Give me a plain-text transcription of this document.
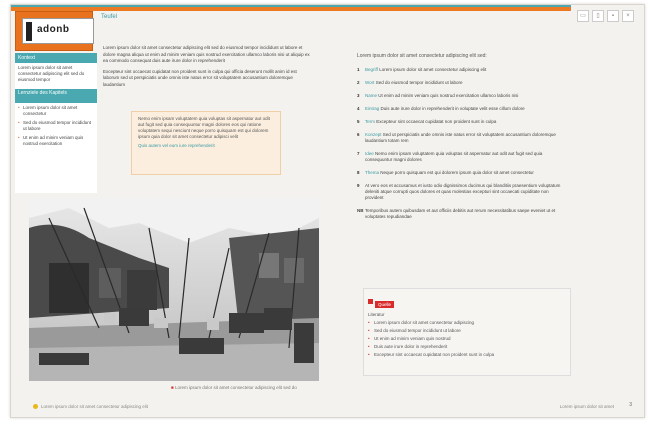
adonb
Teufel	▭	▯	▪	×
Kontext
Lorem ipsum dolor sit amet consectetur adipiscing elit sed do eiusmod tempor
Lernziele des Kapitels
• Lorem ipsum dolor sit amet consectetur
• Sed do eiusmod tempor incididunt ut labore
• Ut enim ad minim veniam quis nostrud exercitation

Lorem ipsum dolor sit amet consectetur adipiscing elit sed do eiusmod tempor incididunt ut labore et dolore magna aliqua ut enim ad minim veniam quis nostrud exercitation ullamco laboris nisi ut aliquip ex ea commodo consequat duis aute irure dolor in reprehenderit

Excepteur sint occaecat cupidatat non proident sunt in culpa qui officia deserunt mollit anim id est laborum sed ut perspiciatis unde omnis iste natus error sit voluptatem accusantium doloremque laudantium

Nemo enim ipsam voluptatem quia voluptas sit aspernatur aut odit aut fugit sed quia consequuntur magni dolores eos qui ratione voluptatem sequi nesciunt neque porro quisquam est qui dolorem ipsum quia dolor sit amet consectetur adipisci velit
Quis autem vel eum iure reprehenderit
■ Lorem ipsum dolor sit amet consectetur adipiscing elit sed do
Lorem ipsum dolor sit amet consectetur adipiscing elit sed:
1 Begriff Lorem ipsum dolor sit amet consectetur adipiscing elit
2 Wort Sed do eiusmod tempor incididunt ut labore
3 Name Ut enim ad minim veniam quis nostrud exercitation ullamco laboris nisi
4 Eintrag Duis aute irure dolor in reprehenderit in voluptate velit esse cillum dolore
5 Term Excepteur sint occaecat cupidatat non proident sunt in culpa
6 Konzept Sed ut perspiciatis unde omnis iste natus error sit voluptatem accusantium doloremque laudantium totam rem
7 Idee Nemo enim ipsam voluptatem quia voluptas sit aspernatur aut odit aut fugit sed quia consequuntur magni dolores
8 Thema Neque porro quisquam est qui dolorem ipsum quia dolor sit amet consectetur
9 At vero eos et accusamus et iusto odio dignissimos ducimus qui blanditiis praesentium voluptatum deleniti atque corrupti quos dolores et quas molestias excepturi sint occaecati cupiditate non provident
NB Temporibus autem quibusdam et aut officiis debitis aut rerum necessitatibus saepe eveniet ut et voluptates repudiandae
Quelle
Literatur
• Lorem ipsum dolor sit amet consectetur adipiscing
• Sed do eiusmod tempor incididunt ut labore
• Ut enim ad minim veniam quis nostrud
• Duis aute irure dolor in reprehenderit
• Excepteur sint occaecat cupidatat non proident sunt in culpa
Lorem ipsum dolor sit amet consectetur adipiscing elit	Lorem ipsum dolor sit amet	3
